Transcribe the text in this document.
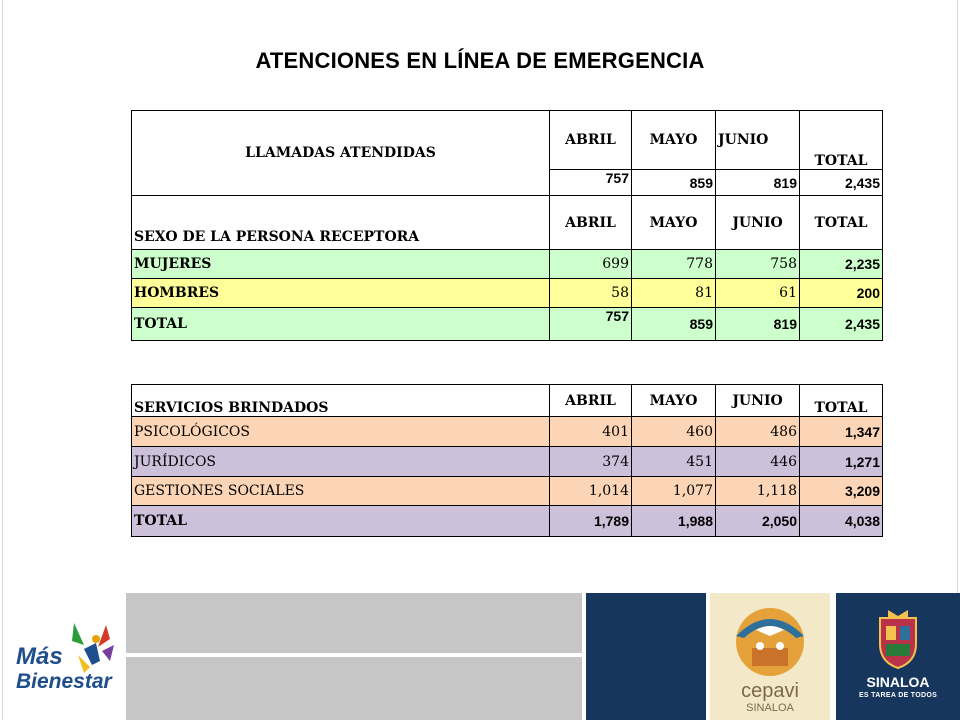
ATENCIONES EN LÍNEA DE EMERGENCIA
LLAMADAS ATENDIDAS	ABRIL	MAYO	JUNIO	TOTAL
	757	859	819	2,435
SEXO DE LA PERSONA RECEPTORA	ABRIL	MAYO	JUNIO	TOTAL
MUJERES	699	778	758	2,235
HOMBRES	58	81	61	200
TOTAL	757	859	819	2,435
SERVICIOS BRINDADOS	ABRIL	MAYO	JUNIO	TOTAL
PSICOLÓGICOS	401	460	486	1,347
JURÍDICOS	374	451	446	1,271
GESTIONES SOCIALES	1,014	1,077	1,118	3,209
TOTAL	1,789	1,988	2,050	4,038
Más
Bienestar	cepavi
SINALOA
SINALOA
ES TAREA DE TODOS
